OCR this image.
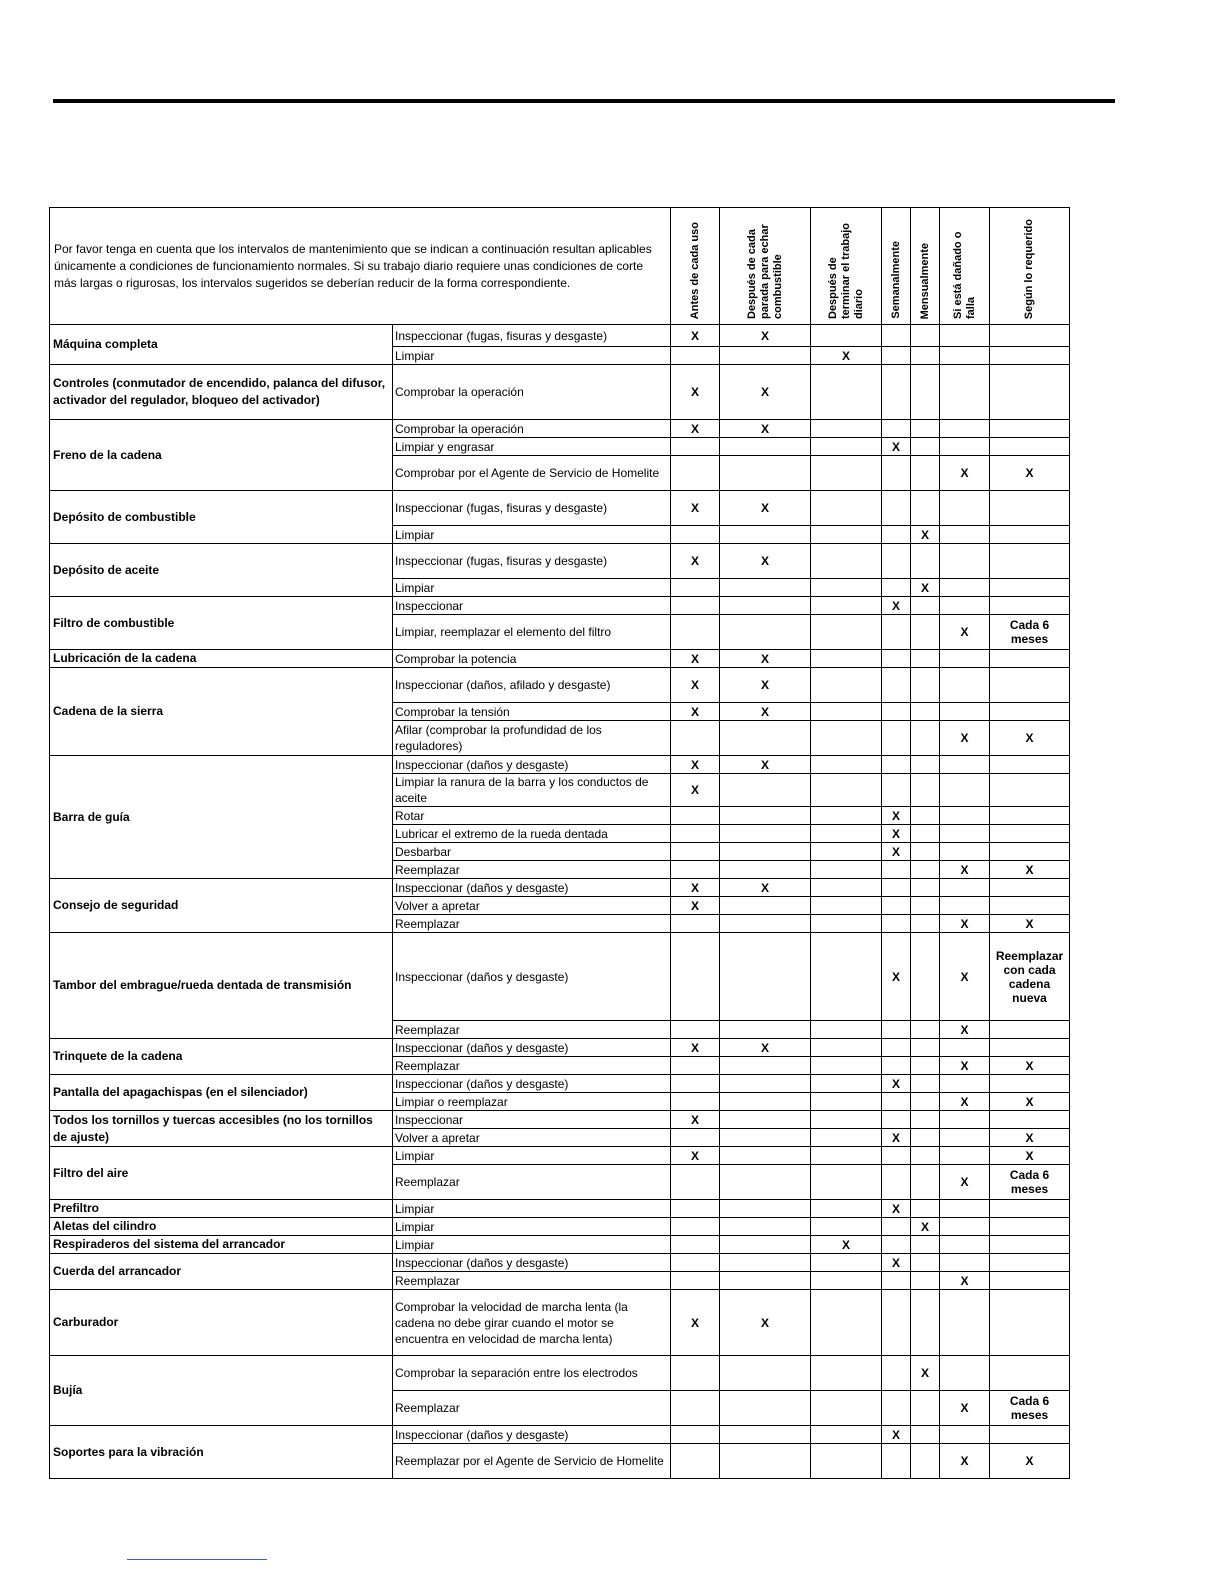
Por favor tenga en cuenta que los intervalos de mantenimiento que se indican a continuación resultan aplicables únicamente a condiciones de funcionamiento normales. Si su trabajo diario requiere unas condiciones de corte más largas o rigurosas, los intervalos sugeridos se deberían reducir de la forma correspondiente.		Antes de cada uso	Después de cada parada para echar combustible	Después de terminar el trabajo diario	Semanalmente	Mensualmente	Si está dañado o falla	Según lo requerido
Máquina completa	Inspeccionar (fugas, fisuras y desgaste)	X	X					
	Limpiar			X				
Controles (conmutador de encendido, palanca del difusor, activador del regulador, bloqueo del activador)	Comprobar la operación	X	X					
Freno de la cadena	Comprobar la operación	X	X					
	Limpiar y engrasar				X			
	Comprobar por el Agente de Servicio de Homelite						X	X
Depósito de combustible	Inspeccionar (fugas, fisuras y desgaste)	X	X					
	Limpiar					X		
Depósito de aceite	Inspeccionar (fugas, fisuras y desgaste)	X	X					
	Limpiar					X		
Filtro de combustible	Inspeccionar				X			
	Limpiar, reemplazar el elemento del filtro						X	Cada 6 meses
Lubricación de la cadena	Comprobar la potencia	X	X					
Cadena de la sierra	Inspeccionar (daños, afilado y desgaste)	X	X					
	Comprobar la tensión	X	X					
	Afilar (comprobar la profundidad de los reguladores)						X	X
Barra de guía	Inspeccionar (daños y desgaste)	X	X					
	Limpiar la ranura de la barra y los conductos de aceite	X						
	Rotar				X			
	Lubricar el extremo de la rueda dentada				X			
	Desbarbar				X			
	Reemplazar						X	X
Consejo de seguridad	Inspeccionar (daños y desgaste)	X	X					
	Volver a apretar	X						
	Reemplazar						X	X
Tambor del embrague/rueda dentada de transmisión	Inspeccionar (daños y desgaste)				X		X	Reemplazar con cada cadena nueva
	Reemplazar						X	
Trinquete de la cadena	Inspeccionar (daños y desgaste)	X	X					
	Reemplazar						X	X
Pantalla del apagachispas (en el silenciador)	Inspeccionar (daños y desgaste)				X			
	Limpiar o reemplazar						X	X
Todos los tornillos y tuercas accesibles (no los tornillos de ajuste)	Inspeccionar	X						
	Volver a apretar				X			X
Filtro del aire	Limpiar	X						X
	Reemplazar						X	Cada 6 meses
Prefiltro	Limpiar				X			
Aletas del cilindro	Limpiar					X		
Respiraderos del sistema del arrancador	Limpiar			X				
Cuerda del arrancador	Inspeccionar (daños y desgaste)				X			
	Reemplazar						X	
Carburador	Comprobar la velocidad de marcha lenta (la cadena no debe girar cuando el motor se encuentra en velocidad de marcha lenta)	X	X					
Bujía	Comprobar la separación entre los electrodos					X		
	Reemplazar						X	Cada 6 meses
Soportes para la vibración	Inspeccionar (daños y desgaste)				X			
	Reemplazar por el Agente de Servicio de Homelite						X	X
